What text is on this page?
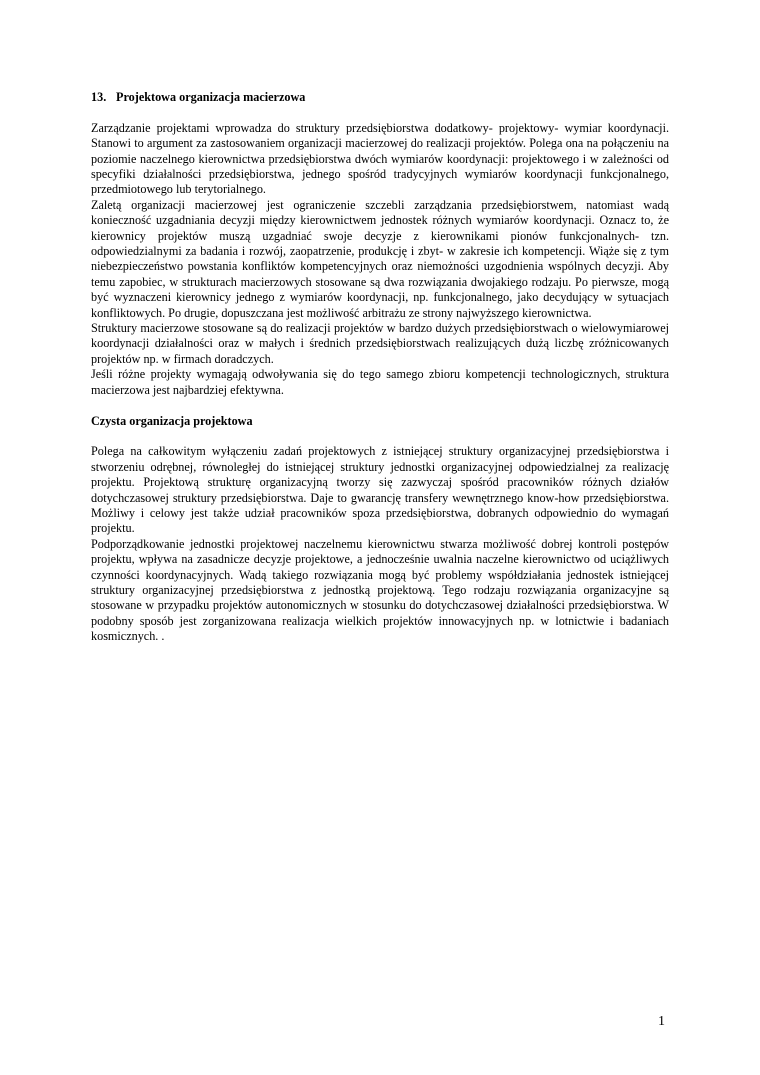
13. Projektowa organizacja macierzowa

Zarządzanie projektami wprowadza do struktury przedsiębiorstwa dodatkowy- projektowy- wymiar koordynacji. Stanowi to argument za zastosowaniem organizacji macierzowej do realizacji projektów. Polega ona na połączeniu na poziomie naczelnego kierownictwa przedsiębiorstwa dwóch wymiarów koordynacji: projektowego i w zależności od specyfiki działalności przedsiębiorstwa, jednego spośród tradycyjnych wymiarów koordynacji funkcjonalnego, przedmiotowego lub terytorialnego.

Zaletą organizacji macierzowej jest ograniczenie szczebli zarządzania przedsiębiorstwem, natomiast wadą konieczność uzgadniania decyzji między kierownictwem jednostek różnych wymiarów koordynacji. Oznacz to, że kierownicy projektów muszą uzgadniać swoje decyzje z kierownikami pionów funkcjonalnych- tzn. odpowiedzialnymi za badania i rozwój, zaopatrzenie, produkcję i zbyt- w zakresie ich kompetencji. Wiąże się z tym niebezpieczeństwo powstania konfliktów kompetencyjnych oraz niemożności uzgodnienia wspólnych decyzji. Aby temu zapobiec, w strukturach macierzowych stosowane są dwa rozwiązania dwojakiego rodzaju. Po pierwsze, mogą być wyznaczeni kierownicy jednego z wymiarów koordynacji, np. funkcjonalnego, jako decydujący w sytuacjach konfliktowych. Po drugie, dopuszczana jest możliwość arbitrażu ze strony najwyższego kierownictwa.

Struktury macierzowe stosowane są do realizacji projektów w bardzo dużych przedsiębiorstwach o wielowymiarowej koordynacji działalności oraz w małych i średnich przedsiębiorstwach realizujących dużą liczbę zróżnicowanych projektów np. w firmach doradczych.

Jeśli różne projekty wymagają odwoływania się do tego samego zbioru kompetencji technologicznych, struktura macierzowa jest najbardziej efektywna.

Czysta organizacja projektowa

Polega na całkowitym wyłączeniu zadań projektowych z istniejącej struktury organizacyjnej przedsiębiorstwa i stworzeniu odrębnej, równoległej do istniejącej struktury jednostki organizacyjnej odpowiedzialnej za realizację projektu. Projektową strukturę organizacyjną tworzy się zazwyczaj spośród pracowników różnych działów dotychczasowej struktury przedsiębiorstwa. Daje to gwarancję transfery wewnętrznego know-how przedsiębiorstwa. Możliwy i celowy jest także udział pracowników spoza przedsiębiorstwa, dobranych odpowiednio do wymagań projektu.

Podporządkowanie jednostki projektowej naczelnemu kierownictwu stwarza możliwość dobrej kontroli postępów projektu, wpływa na zasadnicze decyzje projektowe, a jednocześnie uwalnia naczelne kierownictwo od uciążliwych czynności koordynacyjnych. Wadą takiego rozwiązania mogą być problemy współdziałania jednostek istniejącej struktury organizacyjnej przedsiębiorstwa z jednostką projektową. Tego rodzaju rozwiązania organizacyjne są stosowane w przypadku projektów autonomicznych w stosunku do dotychczasowej działalności przedsiębiorstwa. W podobny sposób jest zorganizowana realizacja wielkich projektów innowacyjnych np. w lotnictwie i badaniach kosmicznych. .

1
